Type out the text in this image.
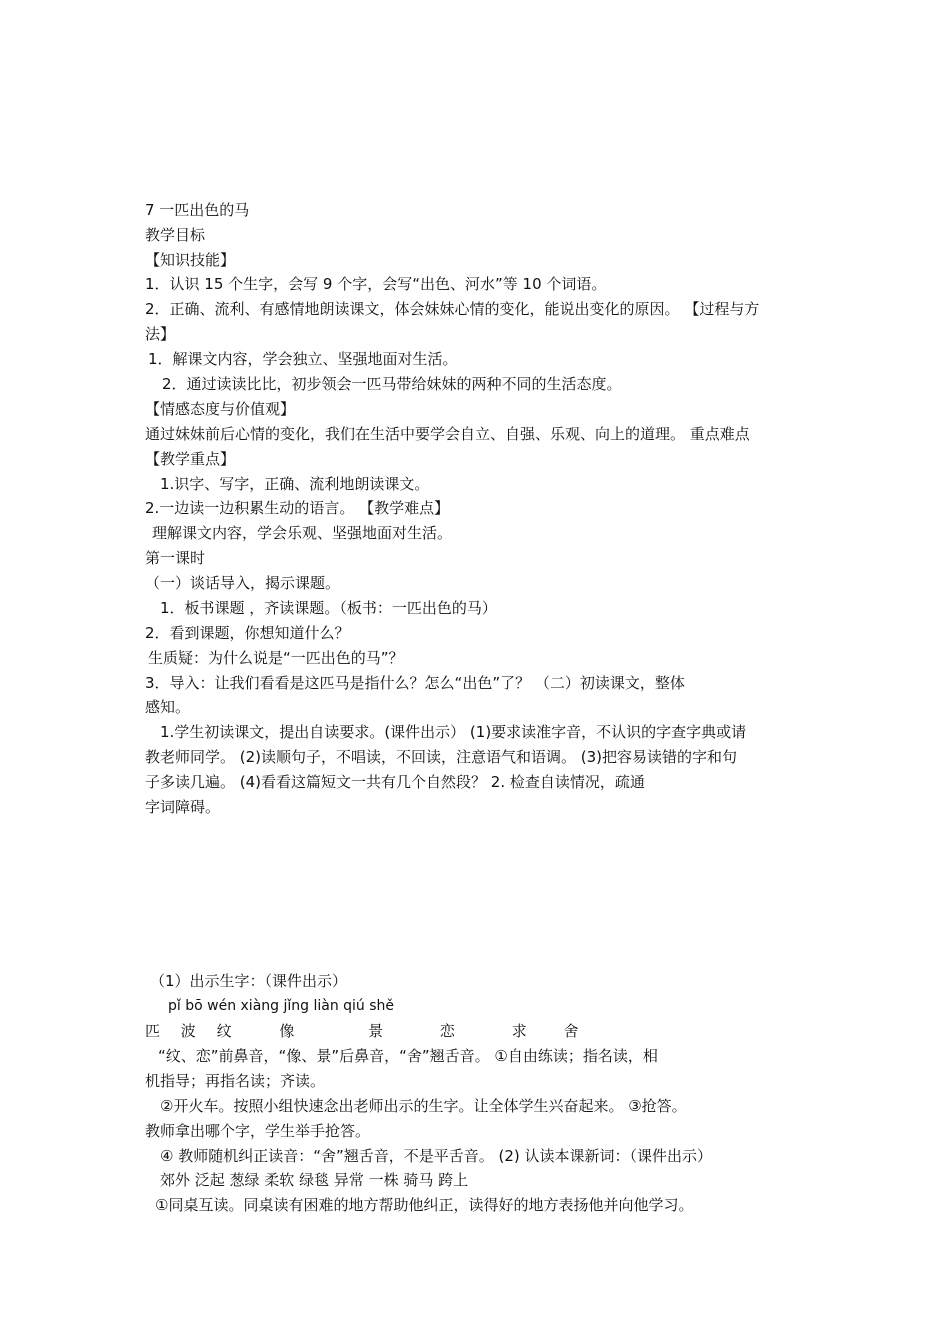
7 一匹出色的马
教学目标
【知识技能】
1．认识 15 个生字，会写 9 个字，会写“出色、河水”等 10 个词语。
2．正确、流利、有感情地朗读课文，体会妹妹心情的变化，能说出变化的原因。 【过程与方
法】
1．解课文内容，学会独立、坚强地面对生活。
2．通过读读比比，初步领会一匹马带给妹妹的两种不同的生活态度。
【情感态度与价值观】
通过妹妹前后心情的变化，我们在生活中要学会自立、自强、乐观、向上的道理。 重点难点
【教学重点】
1.识字、写字，正确、流利地朗读课文。
2.一边读一边积累生动的语言。 【教学难点】
理解课文内容，学会乐观、坚强地面对生活。
第一课时
（一）谈话导入，揭示课题。
1．板书课题 ，齐读课题。（板书：一匹出色的马）
2．看到课题，你想知道什么？
生质疑：为什么说是“一匹出色的马”？
3．导入：让我们看看是这匹马是指什么？怎么“出色”了？ （二）初读课文，整体
感知。
1.学生初读课文，提出自读要求。(课件出示） (1)要求读准字音，不认识的字查字典或请
教老师同学。 (2)读顺句子，不唱读，不回读，注意语气和语调。 (3)把容易读错的字和句
子多读几遍。 (4)看看这篇短文一共有几个自然段？ 2. 检查自读情况，疏通
字词障碍。
（1）出示生字：（课件出示）
pǐ bō wén xiàng jǐng liàn qiú shě
匹 波 纹	像	景	恋	求 舍
“纹、恋”前鼻音，“像、景”后鼻音，“舍”翘舌音。 ①自由练读；指名读，相
机指导；再指名读；齐读。
②开火车。按照小组快速念出老师出示的生字。让全体学生兴奋起来。 ③抢答。
教师拿出哪个字，学生举手抢答。
④ 教师随机纠正读音：“舍”翘舌音，不是平舌音。 (2) 认读本课新词：（课件出示）
郊外 泛起 葱绿 柔软 绿毯 异常 一株 骑马 跨上
①同桌互读。同桌读有困难的地方帮助他纠正，读得好的地方表扬他并向他学习。
